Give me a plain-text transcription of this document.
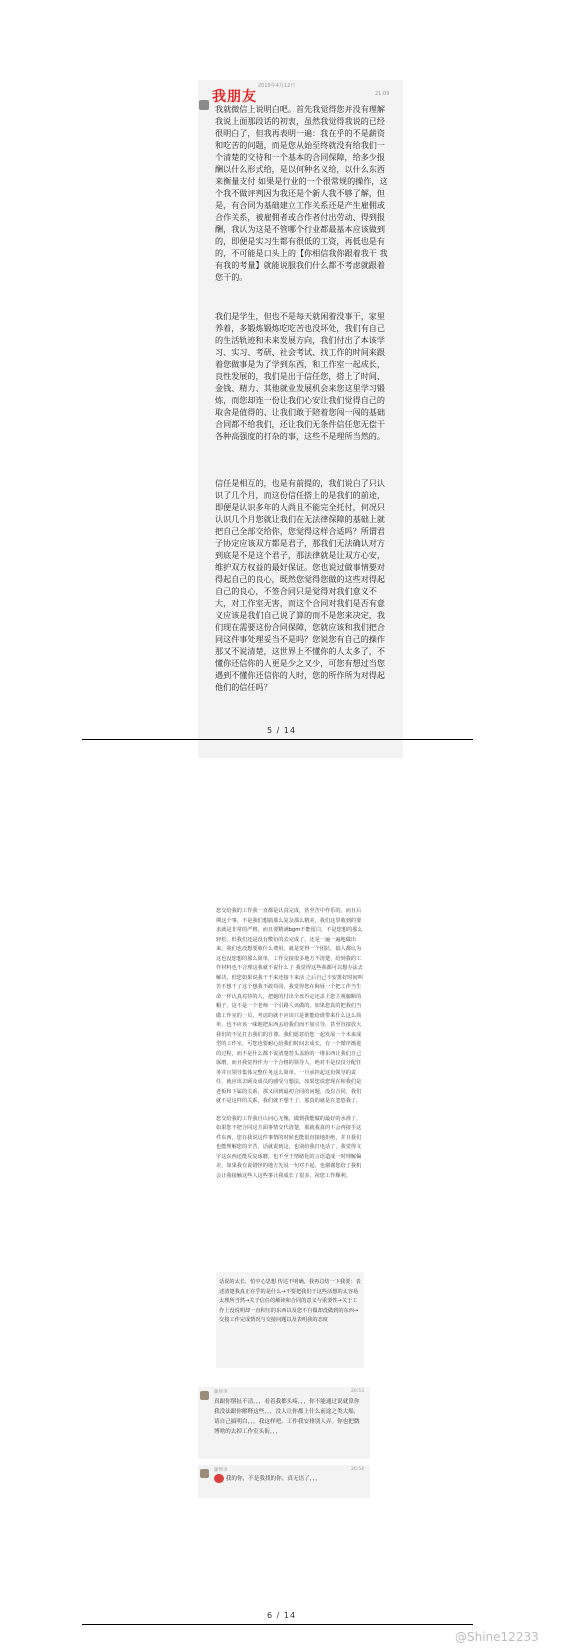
2019年4月12日
我朋友	21:09
我就微信上说明白吧。首先我觉得您并没有理解我说上面那段话的初衷，虽然我觉得我说的已经很明白了，但我再表明一遍：我在乎的不是薪资和吃苦的问题，而是您从始至终就没有给我们一个清楚的交待和一个基本的合同保障，给多少报酬以什么形式给，是以何种名义给，以什么东西来衡量支付 如果是行业的一个很常规的操作，这个我不做评判因为我还是个新人我不够了解，但是，有合同为基础建立工作关系还是产生雇佣或合作关系，被雇佣者或合作者付出劳动、得到报酬，我认为这是不管哪个行业都最基本应该做到的，即便是实习生都有很低的工资，再低也是有的，不可能是口头上的【你相信我你跟着我干 我有我的考量】就能说服我们什么都不考虑就跟着您干的。
我们是学生，但也不是每天就闲着没事干，家里养着，多锻炼锻炼吃吃苦也没坏处，我们有自己的生活轨迹和未来发展方向，我们付出了本该学习、实习、考研、社会考试、找工作的时间来跟着您做事是为了学到东西，和工作室一起成长，良性发展的，我们是出于信任您，搭上了时间、金钱、精力、其他就业发展机会来您这里学习锻炼，而您却连一份让我们心安让我们觉得自己的取舍是值得的、让我们敢于陪着您闯一闯的基础合同都不给我们，还让我们无条件信任您无偿干各种高强度的打杂的事，这些不是理所当然的。
信任是相互的，也是有前提的，我们说白了只认识了几个月，而这份信任搭上的是我们的前途，即便是认识多年的人尚且不能完全托付，何况只认识几个月您就让我们在无法律保障的基础上就把自己全部交给你，您觉得这样合适吗？所谓君子协定应该双方都是君子，那我们无法确认对方到底是不是这个君子，那法律就是让双方心安，维护双方权益的最好保证。您也说过做事情要对得起自己的良心，既然您觉得您做的这些对得起自己的良心，不签合同只是觉得对我们意义不大，对工作室无害，而这个合同对我们是否有意义应该是我们自己说了算的而不是您来决定，我们现在需要这份合同保障，您就应该和我们把合同这件事处理妥当不是吗？您说您有自己的操作那又不说清楚，这世界上不懂你的人太多了，不懂你还信你的人更是少之又少，可您有想过当您遇到不懂你还信你的人时，您的所作所为对得起他们的信任吗？
5 / 14
您交给我的工作我一直都是认真完成，甚至苦中作乐的，而且后期这个事，不是我们想搞那么复杂那么精美，我们这里收到的要求就是非常的严格，而且要精满bgm不能留白，不是您想的那么轻松，但我们还是没有敷衍的去完成了，还是一遍一遍地做出来，我们也没想要收什么费用，就是觉得一个团队，搞人都认为这也没您想的那么简单，工作交接很多地方不清楚，给到我的工作材料也不合理这我就不说什么了 我觉得这些我都可以想办法去解决，但您如果说我干不来还接下来活 之后自己不安排好时间叫苦不想干了这个想我不敢苟同，我觉得您在侮辱一个把工作当生命一样认真对待的人，把她的付出全盘否定还盖上您主观臆断的帽子，这不是一个老师一个引路人该做的。如果您真的把我们当做工作室的一员，考虑的就不应该只是谁能给谁带来什么这么简单，也不应该一味地把东西丢给我们而不加引导，甚至直接放大我们的不足打击我们的自尊。我们愿意给您一起发展一个未来成型的工作室，可您也要耐心给我们时间去成长，有一个循序渐进的过程，而不是什么都不说清楚替头盖脸的一堆东西让我们自己琢磨，而且我觉得作为一个合格的领导人，绝对不是仅仅分配任务并且领导集体完整任务这么简单。一旦承担起这份领导的责任，就应该去顾及成员的感受与想法，如果您说您现在和我们是老板和下属的关系，那又回到最初合同的问题，没有合同，我们就不是这样的关系，我们就不想干了，那真的就是在忽悠我了。
您交给我的工作我自认问心无愧，做到我能做的最好的水准了，如果您不把合同这方面事情交代清楚，那就我真的不会再接手这件东西，您在我说这件事情的时候也能很直接地拒绝，并且我们也能理解您的辛苦，话就说到这，也别给我打电话了，我觉得文字这东西还能反复琢磨，也不至于情绪化的言语造成一时理解偏差，如果我有说错怪的地方先说一句对不起，也谢谢您给了我机会让我接触这些人这些事让我成长了很多，祝您工作顺利。
话说的太长，怕中心思想 传达不明确，我再总结一下我要：表述清楚我真正在乎的是什么→不要把我们干这些活想的太容易太理所当然→关于信任的解读和合同的意义与重要性→关于工作上没说明却一直积压的东西以及您不自做却没做到的东西→交接工作完成情况与交接问题以及表明我的态度
藤卵聿	20:53
真跟你掰扯不清，，，看着我都头疼，，，你不能通过说就算你 我没法跟你解释这些，，，没人让你都上什么前途之类大船，请自己搞明白，，，我这样吧。工作我安排别人弄。你也把微博啥的去掉工作室头衔，，，
藤卵聿	20:54
我的你，不是我找的你。真无语了，，，
6 / 14
@Shine12233
